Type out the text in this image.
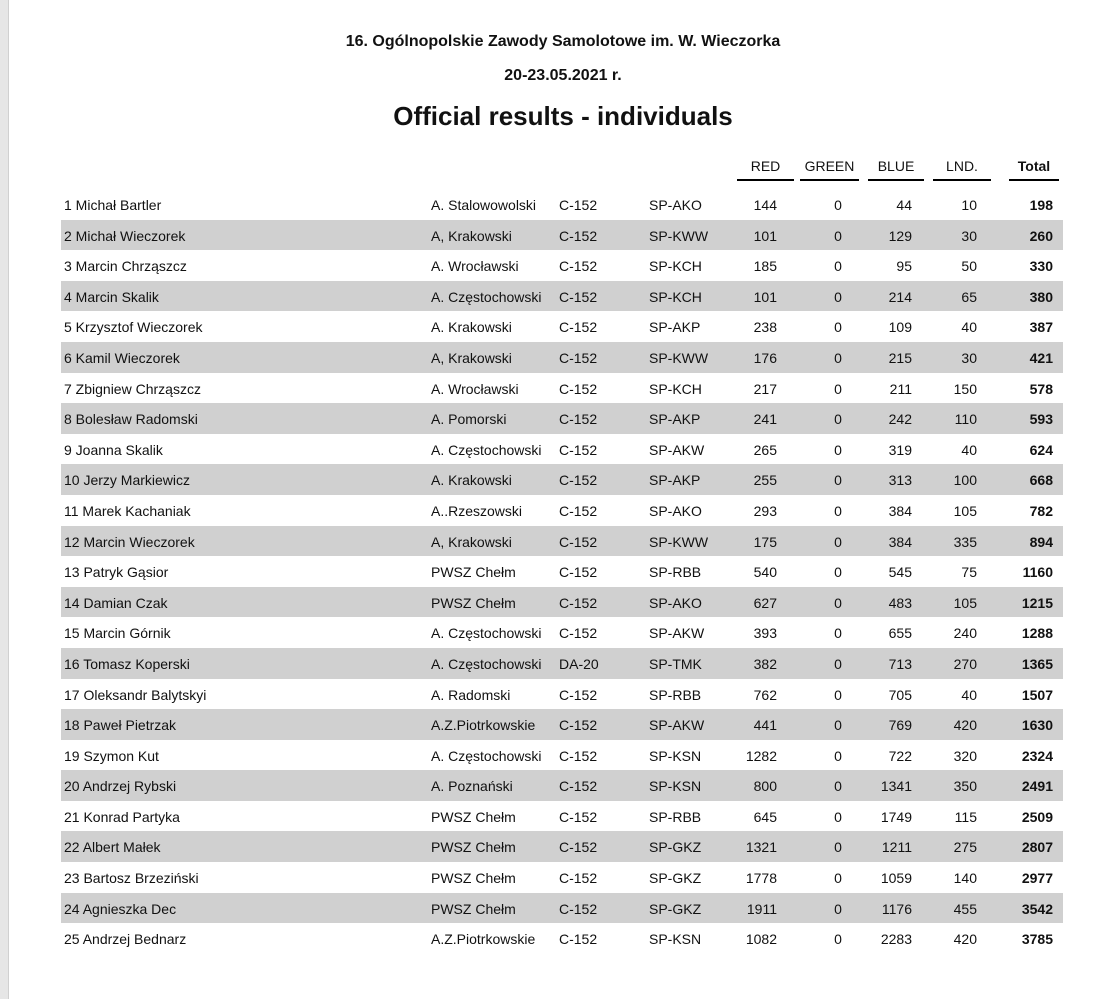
16. Ogólnopolskie Zawody Samolotowe im. W. Wieczorka
20-23.05.2021 r.
Official results - individuals
RED	GREEN	BLUE	LND.	Total
1 Michał Bartler	A. Stalowowolski C-152	SP-AKO	144	0	44	10	198
2 Michał Wieczorek	A, Krakowski	C-152	SP-KWW	101	0	129	30	260
3 Marcin Chrząszcz	A. Wrocławski	C-152	SP-KCH	185	0	95	50	330
4 Marcin Skalik	A. Częstochowski C-152	SP-KCH	101	0	214	65	380
5 Krzysztof Wieczorek	A. Krakowski	C-152	SP-AKP	238	0	109	40	387
6 Kamil Wieczorek	A, Krakowski	C-152	SP-KWW	176	0	215	30	421
7 Zbigniew Chrząszcz	A. Wrocławski	C-152	SP-KCH	217	0	211	150	578
8 Bolesław Radomski	A. Pomorski	C-152	SP-AKP	241	0	242	110	593
9 Joanna Skalik	A. Częstochowski C-152	SP-AKW	265	0	319	40	624
10 Jerzy Markiewicz	A. Krakowski	C-152	SP-AKP	255	0	313	100	668
11 Marek Kachaniak	A..Rzeszowski	C-152	SP-AKO	293	0	384	105	782
12 Marcin Wieczorek	A, Krakowski	C-152	SP-KWW	175	0	384	335	894
13 Patryk Gąsior	PWSZ Chełm	C-152	SP-RBB	540	0	545	75	1160
14 Damian Czak	PWSZ Chełm	C-152	SP-AKO	627	0	483	105	1215
15 Marcin Górnik	A. Częstochowski C-152	SP-AKW	393	0	655	240	1288
16 Tomasz Koperski	A. Częstochowski DA-20	SP-TMK	382	0	713	270	1365
17 Oleksandr Balytskyi	A. Radomski	C-152	SP-RBB	762	0	705	40	1507
18 Paweł Pietrzak	A.Z.Piotrkowskie C-152	SP-AKW	441	0	769	420	1630
19 Szymon Kut	A. Częstochowski C-152	SP-KSN	1282	0	722	320	2324
20 Andrzej Rybski	A. Poznański	C-152	SP-KSN	800	0	1341	350	2491
21 Konrad Partyka	PWSZ Chełm	C-152	SP-RBB	645	0	1749	115	2509
22 Albert Małek	PWSZ Chełm	C-152	SP-GKZ	1321	0	1211	275	2807
23 Bartosz Brzeziński	PWSZ Chełm	C-152	SP-GKZ	1778	0	1059	140	2977
24 Agnieszka Dec	PWSZ Chełm	C-152	SP-GKZ	1911	0	1176	455	3542
25 Andrzej Bednarz	A.Z.Piotrkowskie C-152	SP-KSN	1082	0	2283	420	3785
